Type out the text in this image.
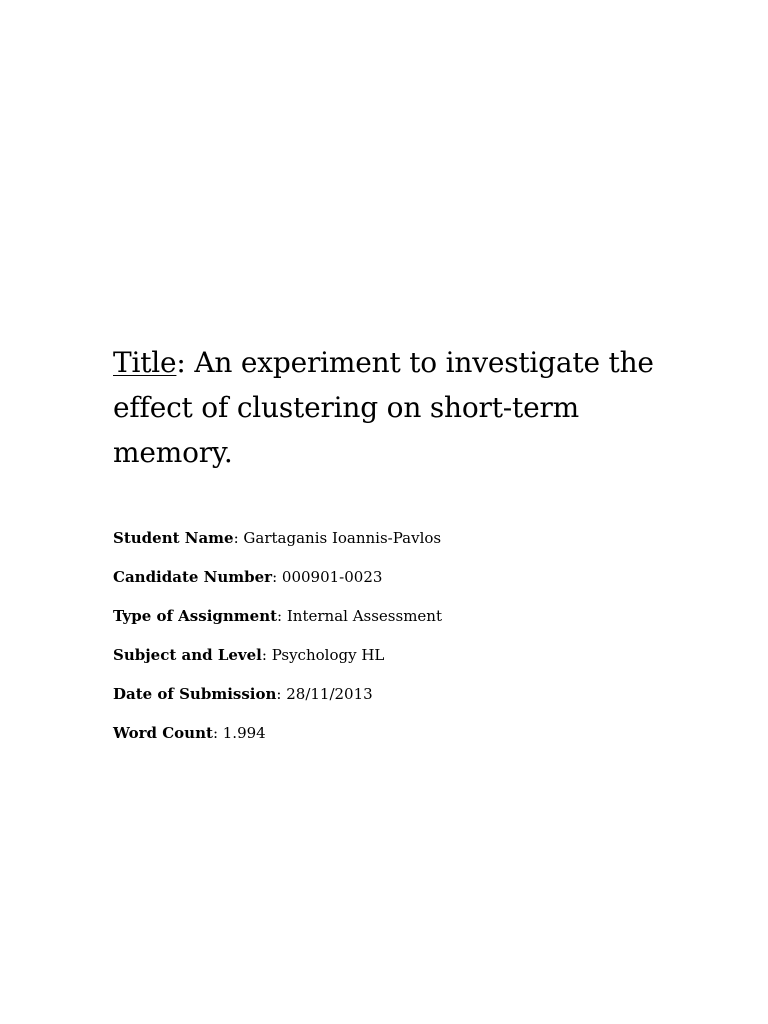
Title: An experiment to investigate the effect of clustering on short-term memory.
Student Name: Gartaganis Ioannis-Pavlos
Candidate Number: 000901-0023
Type of Assignment: Internal Assessment
Subject and Level: Psychology HL
Date of Submission: 28/11/2013
Word Count: 1.994
